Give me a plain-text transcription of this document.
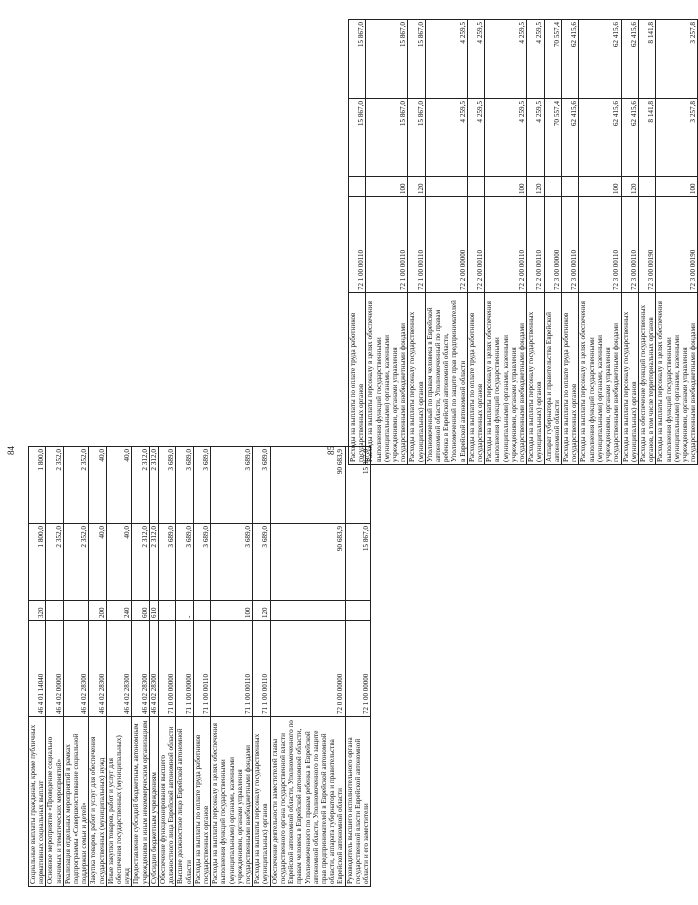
84
Социальные выплаты гражданам, кроме публичных нормативных социальных выплат	46 4 01 14040	320	1 800,0	1 800,0
Основное мероприятие «Проведение социально значимых и тематических мероприятий»	46 4 02 00000		2 352,0	2 352,0
Реализация отдельных мероприятий в рамках подпрограммы «Совершенствование социальной поддержки семьи и детей»	46 4 02 28300		2 352,0	2 352,0
Закупка товаров, работ и услуг для обеспечения государственных (муниципальных) нужд	46 4 02 28300	200	40,0	40,0
Иные закупки товаров, работ и услуг для обеспечения государственных (муниципальных) нужд	46 4 02 28300	240	40,0	40,0
Предоставление субсидий бюджетным, автономным учреждениям и иным некоммерческим организациям	46 4 02 28300	600	2 312,0	2 312,0
Субсидии бюджетным учреждениям	46 4 02 28300	610	2 312,0	2 312,0
Обеспечение функционирования высшего должностного лица Еврейской автономной области	71 0 00 00000		3 689,0	3 689,0
Высшее должностное лицо Еврейской автономной области	71 1 00 00000	-	3 689,0	3 689,0
Расходы на выплаты по оплате труда работников государственных органов	71 1 00 00110		3 689,0	3 689,0
Расходы на выплаты персоналу в целях обеспечения выполнения функций государственными (муниципальными) органами, казенными учреждениями, органами управления государственными внебюджетными фондами	71 1 00 00110	100	3 689,0	3 689,0
Расходы на выплаты персоналу государственных (муниципальных) органов	71 1 00 00110	120	3 689,0	3 689,0
Обеспечение деятельности заместителей главы государственного органа государственной власти Еврейской автономной области, Уполномоченного по правам человека в Еврейской автономной области, Уполномоченного по правам ребенка в Еврейской автономной области, Уполномоченного по защите прав предпринимателей в Еврейской автономной области, аппарата губернатора и правительства Еврейской автономной области	72 0 00 00000		90 683,9	90 683,9
Руководитель высшего исполнительного органа государственной власти Еврейской автономной области и его заместители	72 1 00 00000		15 867,0	15 867,0
85 Расходы на выплаты по оплате труда работников государственных органов	72 1 00 00110		15 867,0	15 867,0
Расходы на выплаты персоналу в целях обеспечения выполнения функций государственными (муниципальными) органами, казенными учреждениями, органами управления государственными внебюджетными фондами	72 1 00 00110	100	15 867,0	15 867,0
Расходы на выплаты персоналу государственных (муниципальных) органов	72 1 00 00110	120	15 867,0	15 867,0
Уполномоченный по правам человека в Еврейской автономной области, Уполномоченный по правам ребенка в Еврейской автономной области, Уполномоченный по защите прав предпринимателей в Еврейской автономной области	72 2 00 00000		4 259,5	4 259,5
Расходы на выплаты по оплате труда работников государственных органов	72 2 00 00110		4 259,5	4 259,5
Расходы на выплаты персоналу в целях обеспечения выполнения функций государственными (муниципальными) органами, казенными учреждениями, органами управления государственными внебюджетными фондами	72 2 00 00110	100	4 259,5	4 259,5
Расходы на выплаты персоналу государственных (муниципальных) органов	72 2 00 00110	120	4 259,5	4 259,5
Аппарат губернатора и правительства Еврейской автономной области	72 3 00 00000		70 557,4	70 557,4
Расходы на выплаты по оплате труда работников государственных органов	72 3 00 00110		62 415,6	62 415,6
Расходы на выплаты персоналу в целях обеспечения выполнения функций государственными (муниципальными) органами, казенными учреждениями, органами управления государственными внебюджетными фондами	72 3 00 00110	100	62 415,6	62 415,6
Расходы на выплаты персоналу государственных (муниципальных) органов	72 3 00 00110	120	62 415,6	62 415,6
Расходы на обеспечение функций государственных органов, в том числе территориальных органов	72 3 00 00190		8 141,8	8 141,8
Расходы на выплаты персоналу в целях обеспечения выполнения функций государственными (муниципальными) органами, казенными учреждениями, органами управления государственными внебюджетными фондами	72 3 00 00190	100	3 257,8	3 257,8
